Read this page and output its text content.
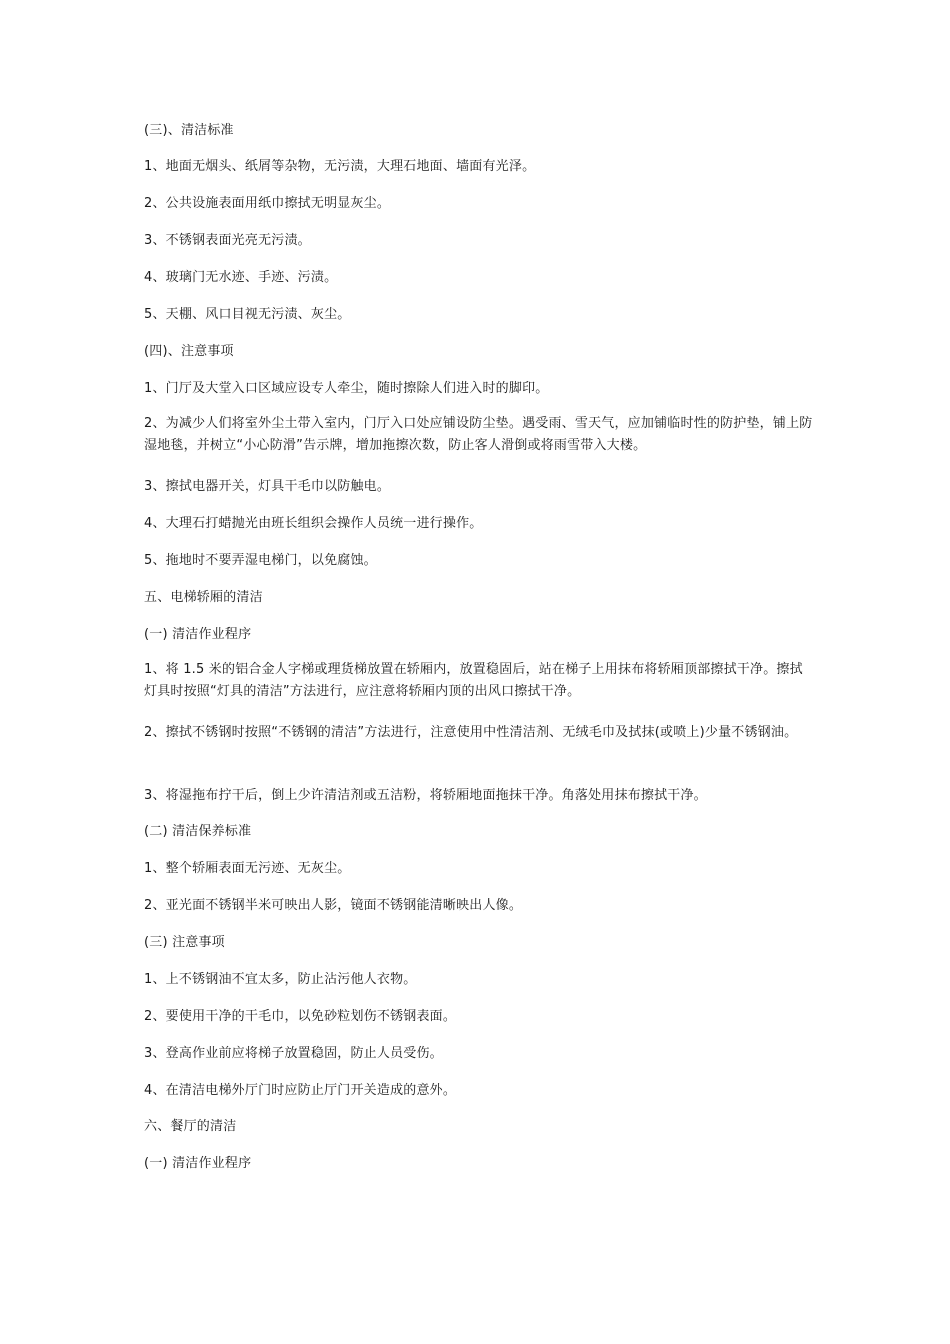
(三)、清洁标准
1、地面无烟头、纸屑等杂物，无污渍，大理石地面、墙面有光泽。
2、公共设施表面用纸巾擦拭无明显灰尘。
3、不锈钢表面光亮无污渍。
4、玻璃门无水迹、手迹、污渍。
5、天棚、风口目视无污渍、灰尘。
(四)、注意事项
1、门厅及大堂入口区域应设专人牵尘，随时擦除人们进入时的脚印。
2、为减少人们将室外尘土带入室内，门厅入口处应铺设防尘垫。遇受雨、雪天气，应加铺临时性的防护垫，铺上防湿地毯，并树立“小心防滑”告示牌，增加拖擦次数，防止客人滑倒或将雨雪带入大楼。
3、擦拭电器开关，灯具干毛巾以防触电。
4、大理石打蜡抛光由班长组织会操作人员统一进行操作。
5、拖地时不要弄湿电梯门，以免腐蚀。
五、电梯轿厢的清洁
(一) 清洁作业程序
1、将 1.5 米的铝合金人字梯或理货梯放置在轿厢内，放置稳固后，站在梯子上用抹布将轿厢顶部擦拭干净。擦拭灯具时按照“灯具的清洁”方法进行，应注意将轿厢内顶的出风口擦拭干净。
2、擦拭不锈钢时按照“不锈钢的清洁”方法进行，注意使用中性清洁剂、无绒毛巾及拭抹(或喷上)少量不锈钢油。
3、将湿拖布拧干后，倒上少许清洁剂或五洁粉，将轿厢地面拖抹干净。角落处用抹布擦拭干净。
(二) 清洁保养标准
1、整个轿厢表面无污迹、无灰尘。
2、亚光面不锈钢半米可映出人影，镜面不锈钢能清晰映出人像。
(三) 注意事项
1、上不锈钢油不宜太多，防止沾污他人衣物。
2、要使用干净的干毛巾，以免砂粒划伤不锈钢表面。
3、登高作业前应将梯子放置稳固，防止人员受伤。
4、在清洁电梯外厅门时应防止厅门开关造成的意外。
六、餐厅的清洁
(一) 清洁作业程序
